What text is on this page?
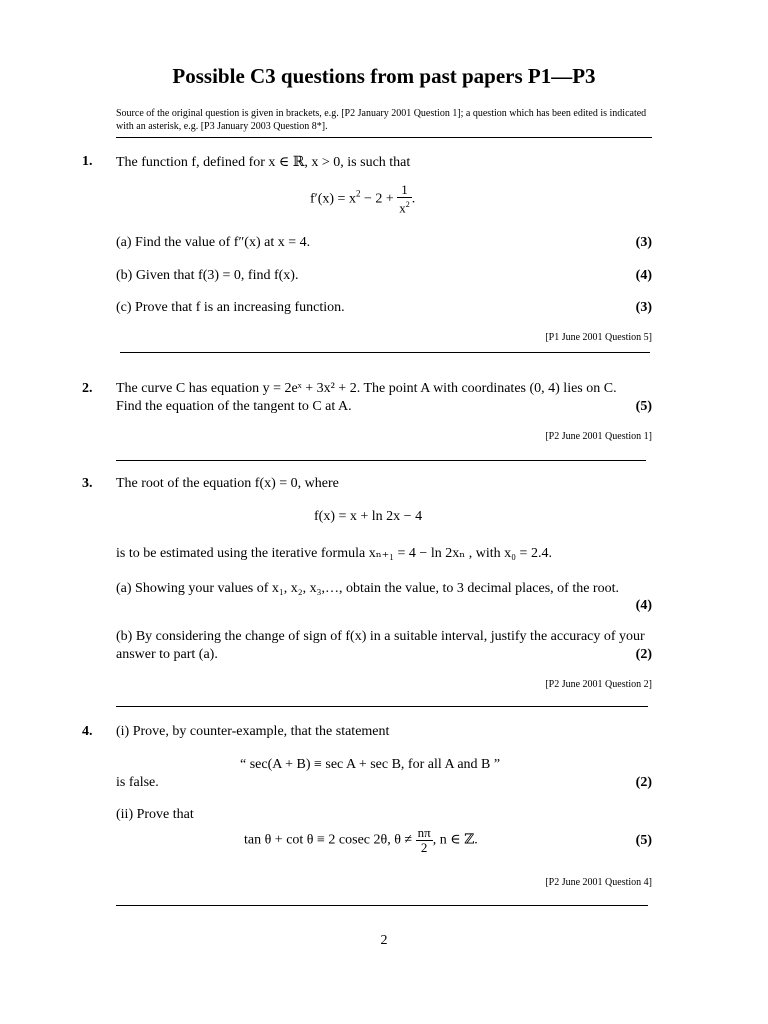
Possible C3 questions from past papers P1—P3
Source of the original question is given in brackets, e.g. [P2 January 2001 Question 1]; a question which has been edited is indicated with an asterisk, e.g. [P3 January 2003 Question 8*].
1. The function f, defined for x ∈ ℝ, x > 0, is such that
$f'(x) = x^2 - 2 + \frac{1}{x^2}$ .
(a) Find the value of f″(x) at x = 4.	(3)
(b) Given that f(3) = 0, find f(x).	(4)
(c) Prove that f is an increasing function.	(3)
[P1 June 2001 Question 5]
2. The curve C has equation y = 2eˣ + 3x² + 2. The point A with coordinates (0, 4) lies on C.
Find the equation of the tangent to C at A.	(5)
[P2 June 2001 Question 1]
3. The root of the equation f(x) = 0, where
f(x) = x + ln 2x − 4
is to be estimated using the iterative formula xₙ₊₁ = 4 − ln 2xₙ , with x₀ = 2.4.
(a) Showing your values of x₁, x₂, x₃,…, obtain the value, to 3 decimal places, of the root.
(4)
(b) By considering the change of sign of f(x) in a suitable interval, justify the accuracy of your
answer to part (a).	(2)
[P2 June 2001 Question 2]
4. (i) Prove, by counter-example, that the statement
“ sec(A + B) ≡ sec A + sec B, for all A and B ”
is false.	(2)
(ii) Prove that
tan θ + cot θ ≡ 2 cosec 2θ, $\theta \ne \frac{n\pi}{2}$ , n ∈ ℤ.	(5)
[P2 June 2001 Question 4]
2
